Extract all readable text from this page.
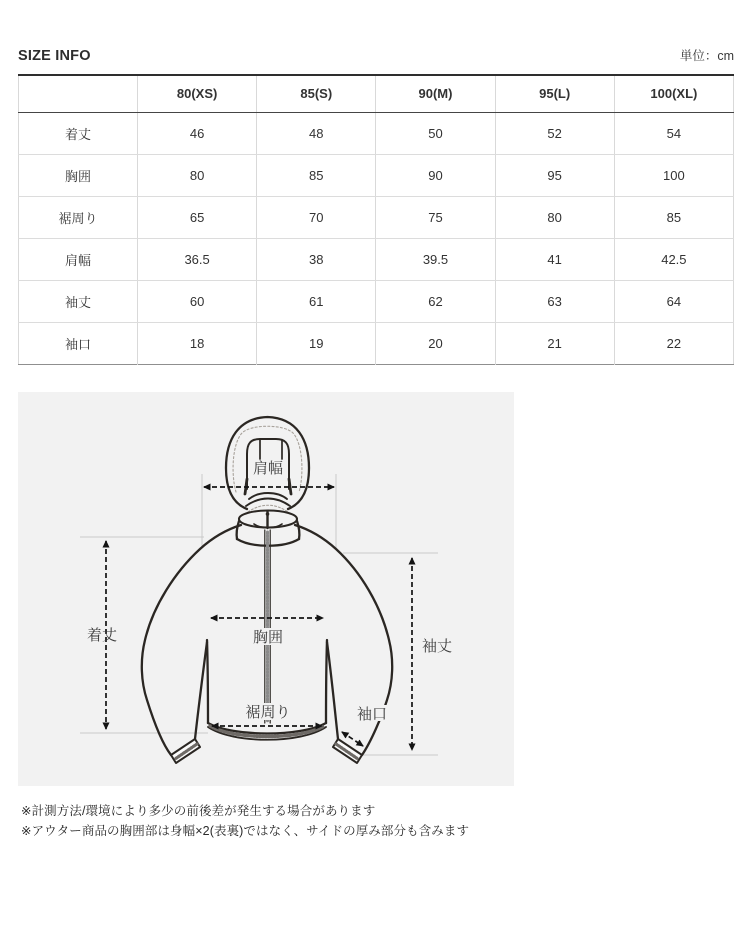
SIZE INFO	単位：cm
	80(XS)	85(S)	90(M)	95(L)	100(XL)
着丈	46	48	50	52	54
胸囲	80	85	90	95	100
裾周り	65	70	75	80	85
肩幅	36.5	38	39.5	41	42.5
袖丈	60	61	62	63	64
袖口	18	19	20	21	22
肩幅
着丈
袖丈
胸囲
裾周り	袖口
※計測方法/環境により多少の前後差が発生する場合があります
※アウター商品の胸囲部は身幅×2(表裏)ではなく、サイドの厚み部分も含みます
